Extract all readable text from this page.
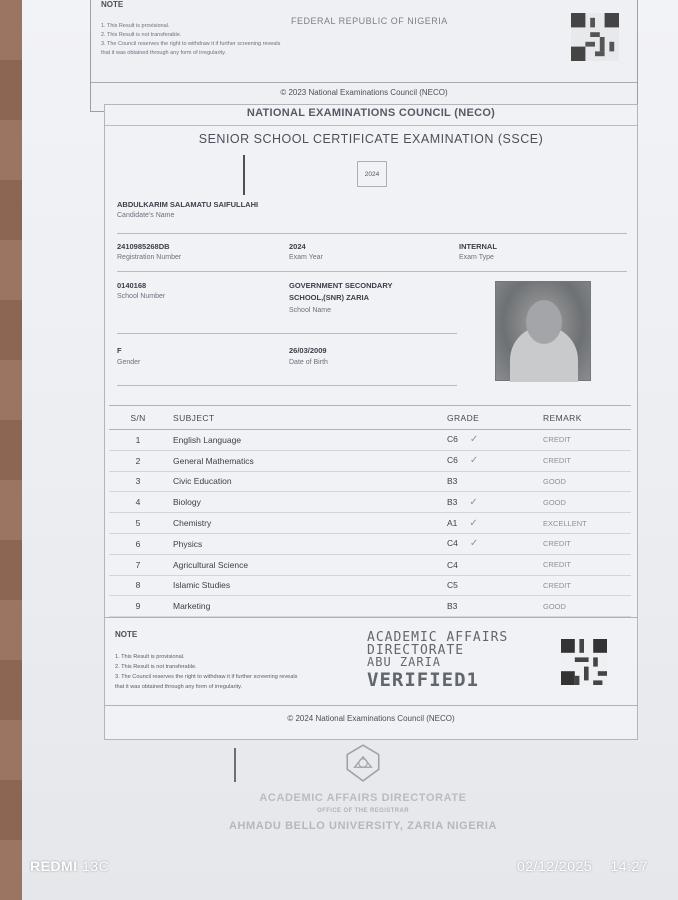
NOTE
1. This Result is provisional.
2. This Result is not transferable.
3. The Council reserves the right to withdraw it if further screening reveals
that it was obtained through any form of irregularity.
FEDERAL REPUBLIC OF NIGERIA
© 2023 National Examinations Council (NECO)
NATIONAL EXAMINATIONS COUNCIL (NECO)
SENIOR SCHOOL CERTIFICATE EXAMINATION (SSCE)
2024
ABDULKARIM SALAMATU SAIFULLAHI
Candidate's Name
2410985268DB
Registration Number
2024
Exam Year
INTERNAL
Exam Type
0140168
School Number
GOVERNMENT SECONDARY
SCHOOL,(SNR) ZARIA
School Name
F
Gender
26/03/2009
Date of Birth
S/N	SUBJECT	GRADE	REMARK
1	English Language	C6 ✓	CREDIT
2	General Mathematics	C6 ✓	CREDIT
3	Civic Education	B3	GOOD
4	Biology	B3 ✓	GOOD
5	Chemistry	A1 ✓	EXCELLENT
6	Physics	C4 ✓	CREDIT
7	Agricultural Science	C4	CREDIT
8	Islamic Studies	C5	CREDIT
9	Marketing	B3	GOOD
NOTE
1. This Result is provisional.
2. This Result is not transferable.
3. The Council reserves the right to withdraw it if further screening reveals
that it was obtained through any form of irregularity.
ACADEMIC AFFAIRS
DIRECTORATE
ABU ZARIA
VERIFIED1
© 2024 National Examinations Council (NECO)
ACADEMIC AFFAIRS DIRECTORATE
OFFICE OF THE REGISTRAR
AHMADU BELLO UNIVERSITY, ZARIA NIGERIA
REDMI 13C	02/12/2025 14:27
